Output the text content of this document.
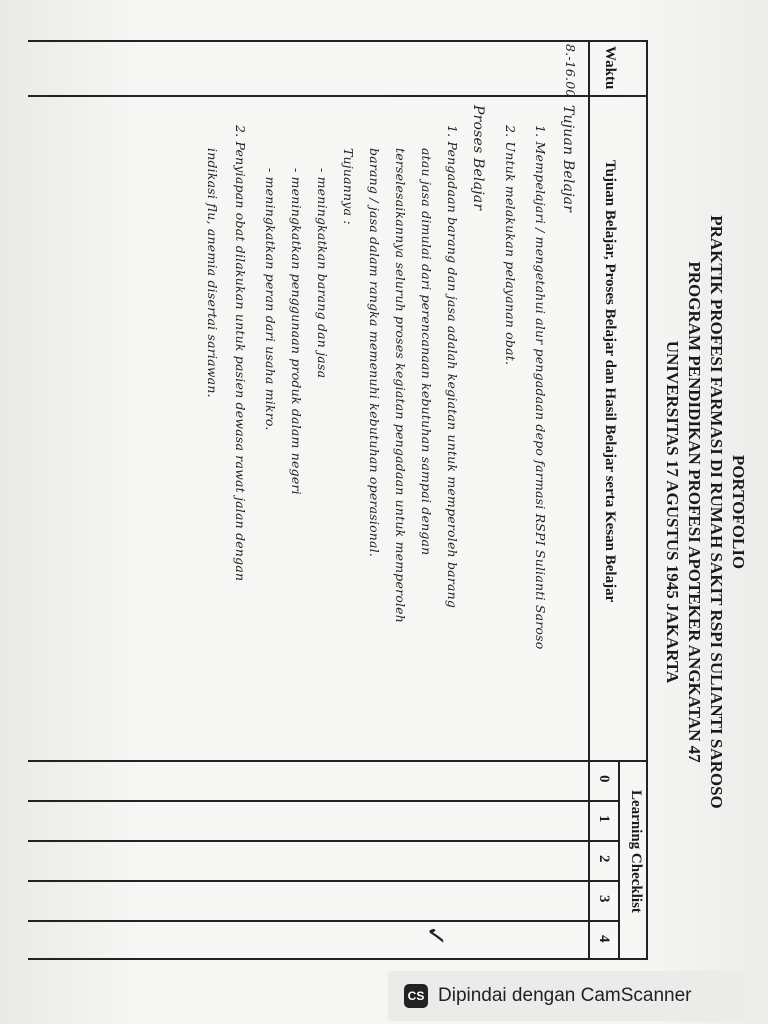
PORTOFOLIO
PRAKTIK PROFESI FARMASI DI RUMAH SAKIT RSPI SULIANTI SAROSO
PROGRAM PENDIDIKAN PROFESI APOTEKER ANGKATAN 47
UNIVERSITAS 17 AGUSTUS 1945 JAKARTA
Waktu
Tujuan Belajar, Proses Belajar dan Hasil Belajar serta Kesan Belajar
Learning Checklist
0
1
2
3
4
8.-16.00
Tujuan Belajar
1. Mempelajari / mengetahui alur pengadaan depo farmasi RSPI Sulianti Saroso
2. Untuk melakukan pelayanan obat.
Proses Belajar
1. Pengadaan barang dan jasa adalah kegiatan untuk memperoleh barang
atau jasa dimulai dari perencanaan kebutuhan sampai dengan
terselesaikannya seluruh proses kegiatan pengadaan untuk memperoleh
barang / jasa dalam rangka memenuhi kebutuhan operasional.
Tujuannya :
- meningkatkan barang dan jasa
- meningkatkan penggunaan produk dalam negeri
- meningkatkan peran dari usaha mikro.
2. Penyiapan obat dilakukan untuk pasien dewasa rawat jalan dengan
indikasi flu, anemia disertai sariawan.
✓
CS Dipindai dengan CamScanner
